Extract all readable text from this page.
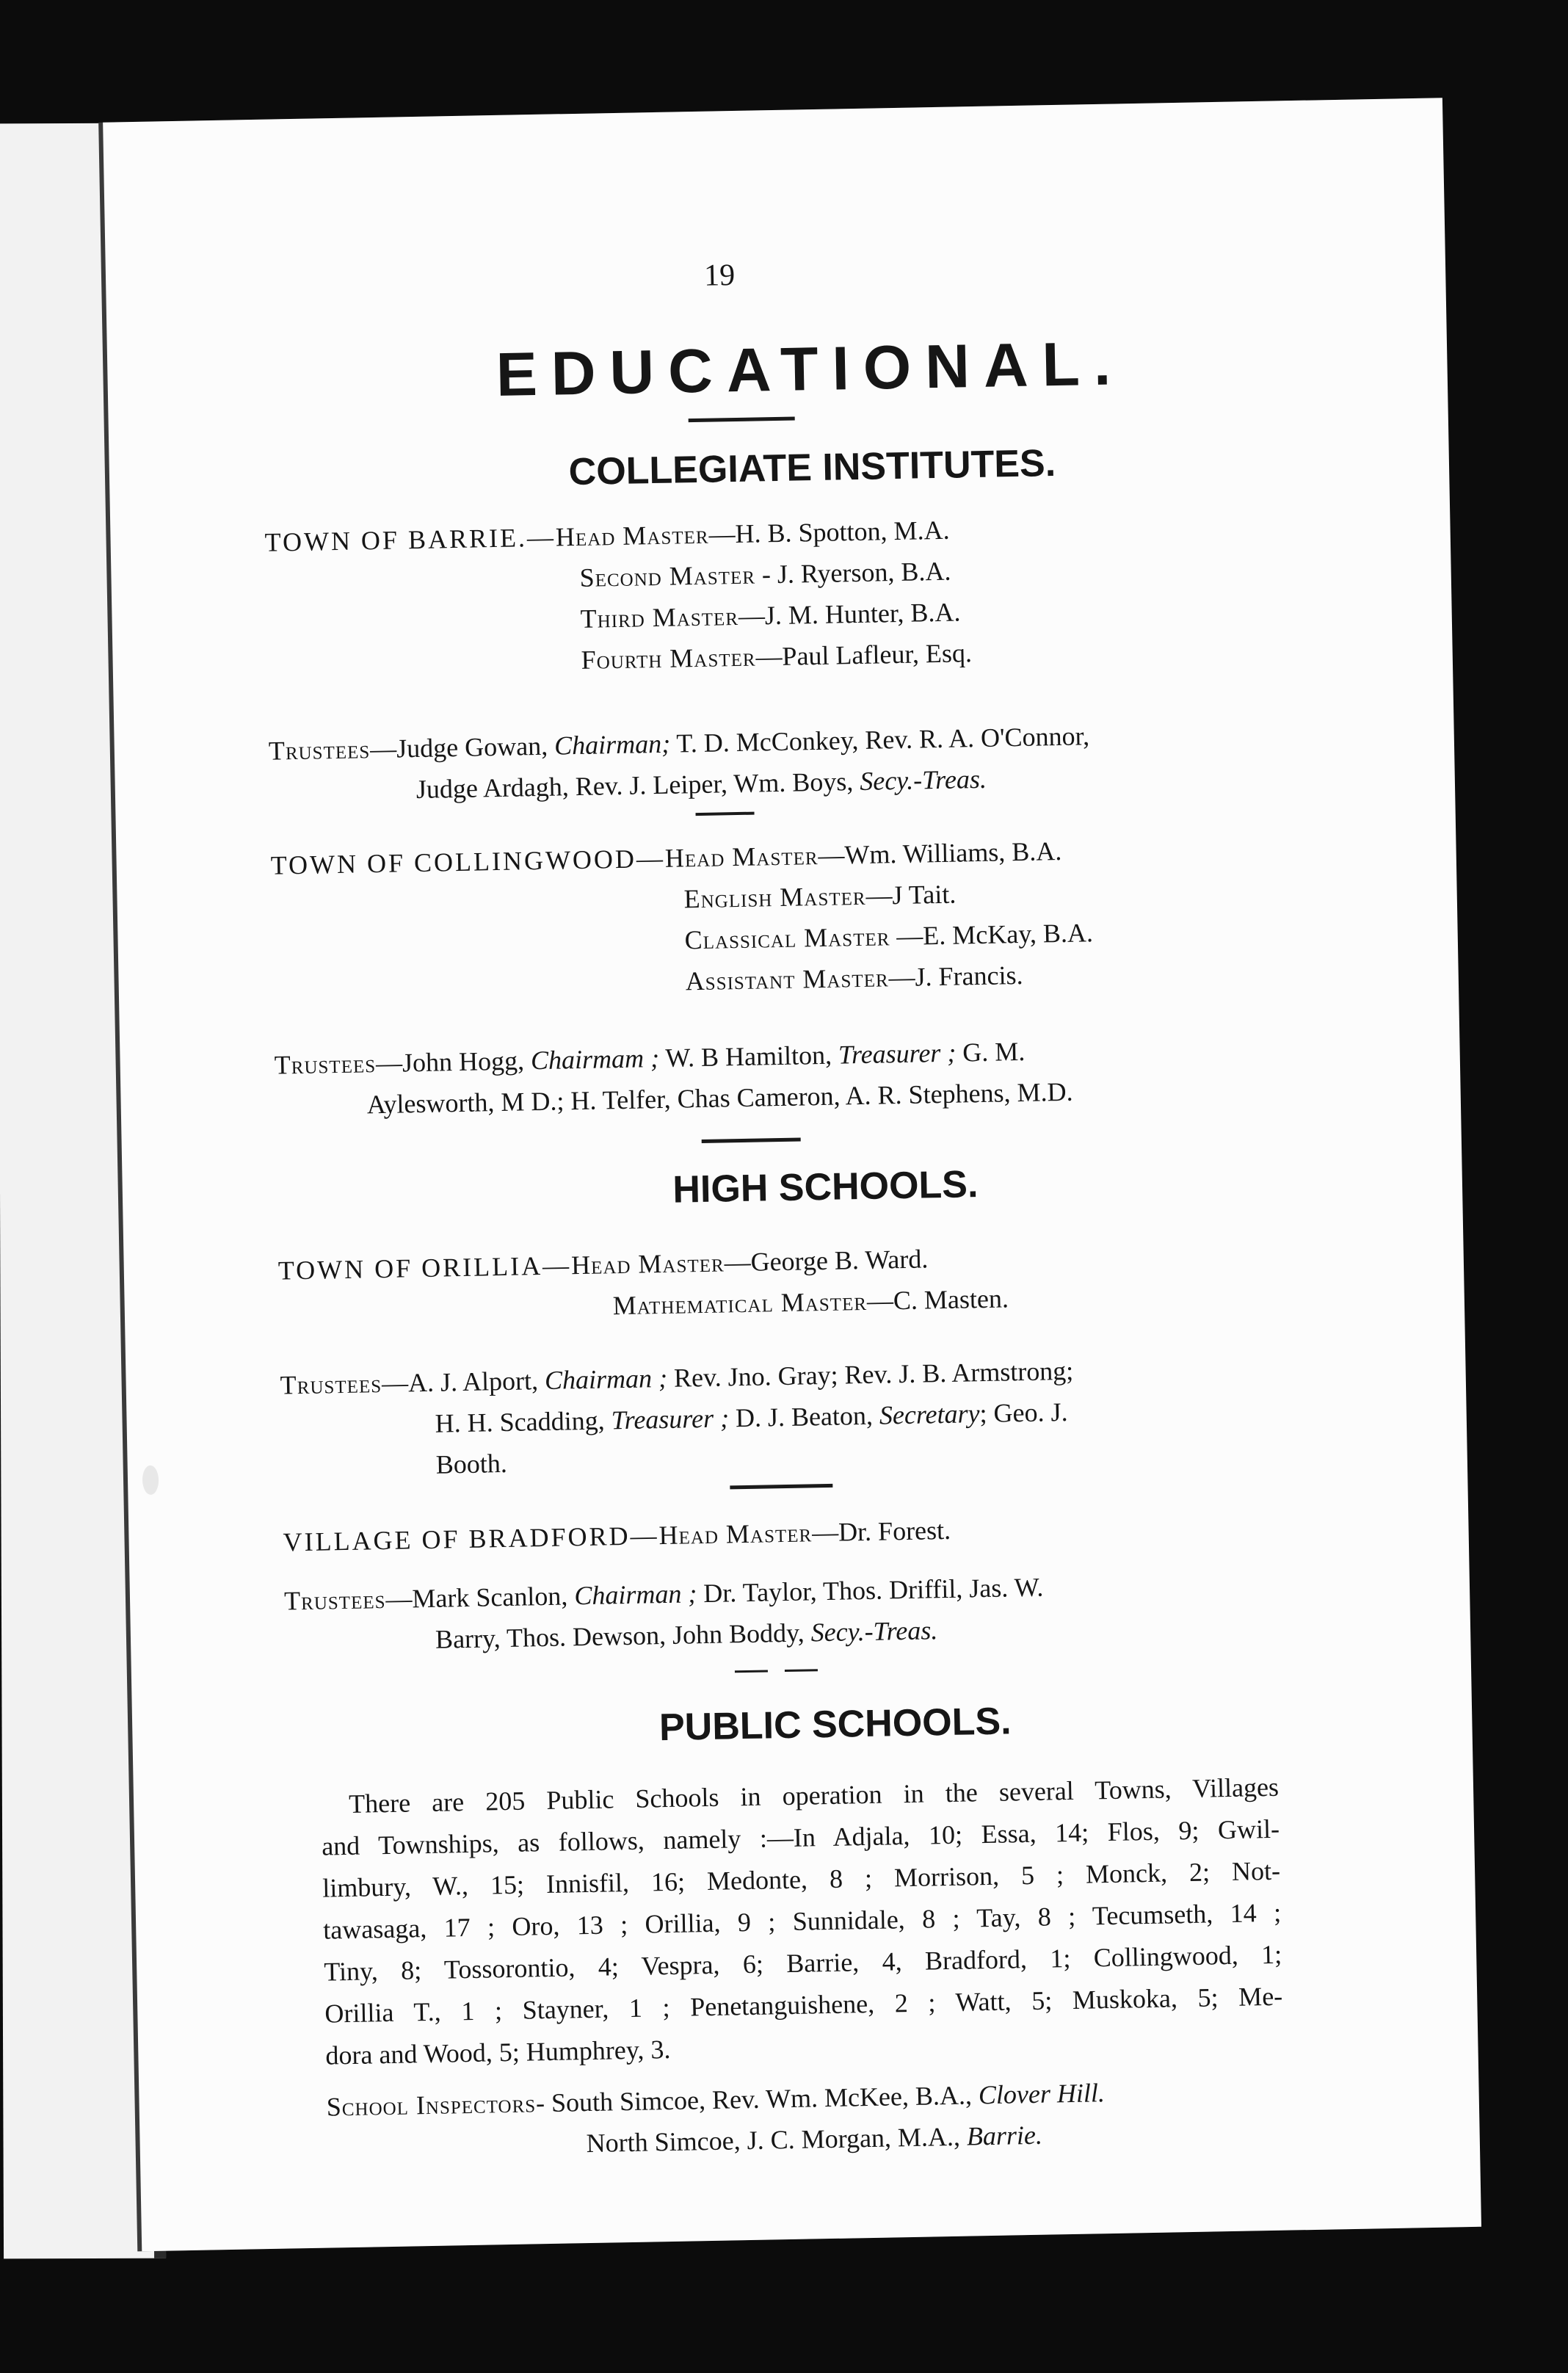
19
EDUCATIONAL.
COLLEGIATE INSTITUTES.
TOWN OF BARRIE.—Head Master—H. B. Spotton, M.A.
Second Master - J. Ryerson, B.A.
Third Master—J. M. Hunter, B.A.
Fourth Master—Paul Lafleur, Esq.
Trustees—Judge Gowan, Chairman; T. D. McConkey, Rev. R. A. O'Connor,
Judge Ardagh, Rev. J. Leiper, Wm. Boys, Secy.-Treas.
TOWN OF COLLINGWOOD—Head Master—Wm. Williams, B.A.
English Master—J Tait.
Classical Master —E. McKay, B.A.
Assistant Master—J. Francis.
Trustees—John Hogg, Chairmam ; W. B Hamilton, Treasurer ; G. M.
Aylesworth, M D.; H. Telfer, Chas Cameron, A. R. Stephens, M.D.
HIGH SCHOOLS.
TOWN OF ORILLIA—Head Master—George B. Ward.
Mathematical Master—C. Masten.
Trustees—A. J. Alport, Chairman ; Rev. Jno. Gray; Rev. J. B. Armstrong;
H. H. Scadding, Treasurer ; D. J. Beaton, Secretary; Geo. J.
Booth.
VILLAGE OF BRADFORD—Head Master—Dr. Forest.
Trustees—Mark Scanlon, Chairman ; Dr. Taylor, Thos. Driffil, Jas. W.
Barry, Thos. Dewson, John Boddy, Secy.-Treas.
PUBLIC SCHOOLS.
There are 205 Public Schools in operation in the several Towns, Villages
and Townships, as follows, namely :—In Adjala, 10; Essa, 14; Flos, 9; Gwil-
limbury, W., 15; Innisfil, 16; Medonte, 8 ; Morrison, 5 ; Monck, 2; Not-
tawasaga, 17 ; Oro, 13 ; Orillia, 9 ; Sunnidale, 8 ; Tay, 8 ; Tecumseth, 14 ;
Tiny, 8; Tossorontio, 4; Vespra, 6; Barrie, 4, Bradford, 1; Collingwood, 1;
Orillia T., 1 ; Stayner, 1 ; Penetanguishene, 2 ; Watt, 5; Muskoka, 5; Me-
dora and Wood, 5; Humphrey, 3.
School Inspectors- South Simcoe, Rev. Wm. McKee, B.A., Clover Hill.
North Simcoe, J. C. Morgan, M.A., Barrie.
